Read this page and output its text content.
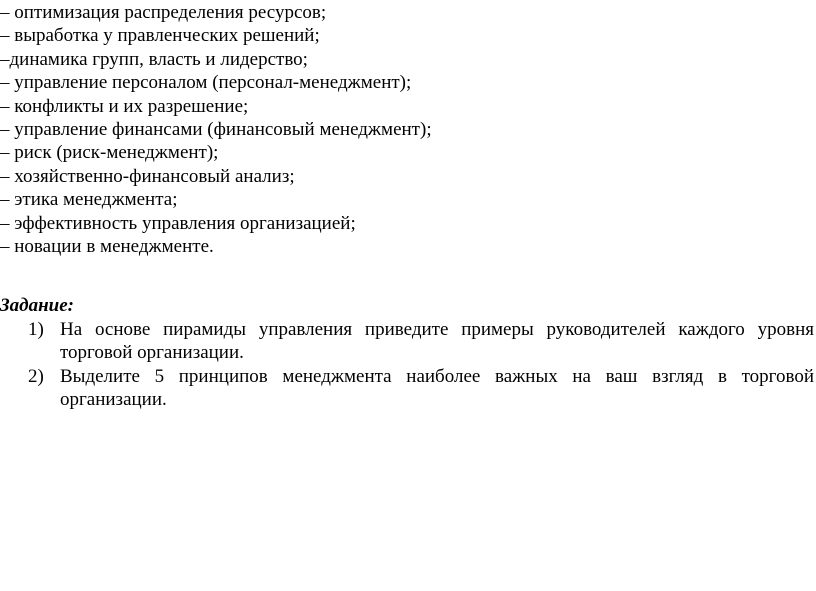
– оптимизация распределения ресурсов;
– выработка у правленческих решений;
–динамика групп, власть и лидерство;
– управление персоналом (персонал-менеджмент);
– конфликты и их разрешение;
– управление финансами (финансовый менеджмент);
– риск (риск-менеджмент);
– хозяйственно-финансовый анализ;
– этика менеджмента;
– эффективность управления организацией;
– новации в менеджменте.

Задание:

1) На основе пирамиды управления приведите примеры руководителей каждого уровня торговой организации.
2) Выделите 5 принципов менеджмента наиболее важных на ваш взгляд в торговой организации.
